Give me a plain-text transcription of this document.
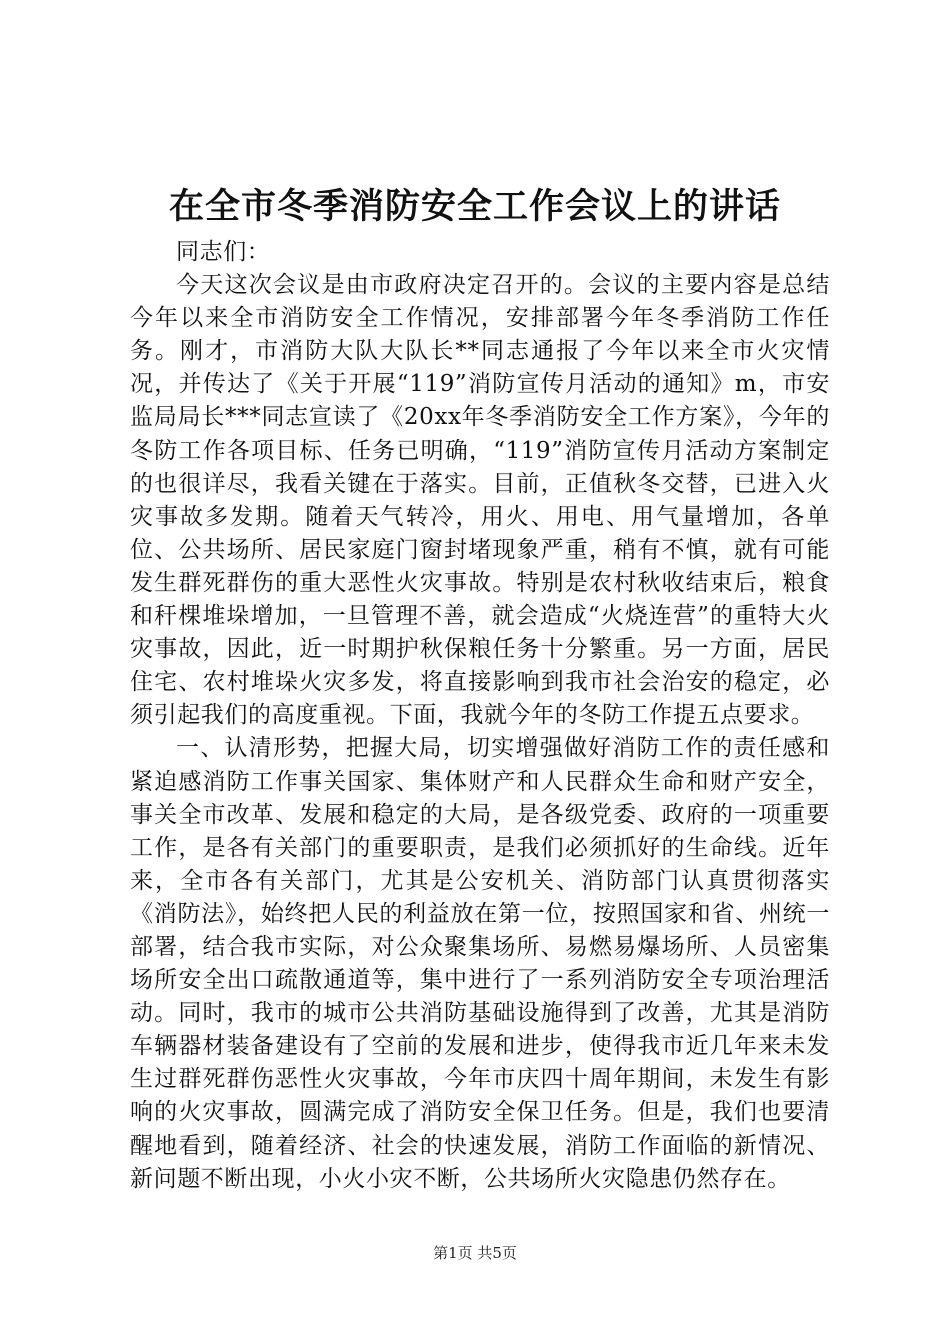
在全市冬季消防安全工作会议上的讲话

同志们：

今天这次会议是由市政府决定召开的。会议的主要内容是总结今年以来全市消防安全工作情况，安排部署今年冬季消防工作任务。刚才，市消防大队大队长**同志通报了今年以来全市火灾情况，并传达了《关于开展“119”消防宣传月活动的通知》m，市安监局局长***同志宣读了《20xx年冬季消防安全工作方案》，今年的冬防工作各项目标、任务已明确，“119”消防宣传月活动方案制定的也很详尽，我看关键在于落实。目前，正值秋冬交替，已进入火灾事故多发期。随着天气转冷，用火、用电、用气量增加，各单位、公共场所、居民家庭门窗封堵现象严重，稍有不慎，就有可能发生群死群伤的重大恶性火灾事故。特别是农村秋收结束后，粮食和秆棵堆垛增加，一旦管理不善，就会造成“火烧连营”的重特大火灾事故，因此，近一时期护秋保粮任务十分繁重。另一方面，居民住宅、农村堆垛火灾多发，将直接影响到我市社会治安的稳定，必须引起我们的高度重视。下面，我就今年的冬防工作提五点要求。

一、认清形势，把握大局，切实增强做好消防工作的责任感和紧迫感消防工作事关国家、集体财产和人民群众生命和财产安全，事关全市改革、发展和稳定的大局，是各级党委、政府的一项重要工作，是各有关部门的重要职责，是我们必须抓好的生命线。近年来，全市各有关部门，尤其是公安机关、消防部门认真贯彻落实《消防法》，始终把人民的利益放在第一位，按照国家和省、州统一部署，结合我市实际，对公众聚集场所、易燃易爆场所、人员密集场所安全出口疏散通道等，集中进行了一系列消防安全专项治理活动。同时，我市的城市公共消防基础设施得到了改善，尤其是消防车辆器材装备建设有了空前的发展和进步，使得我市近几年来未发生过群死群伤恶性火灾事故，今年市庆四十周年期间，未发生有影响的火灾事故，圆满完成了消防安全保卫任务。但是，我们也要清醒地看到，随着经济、社会的快速发展，消防工作面临的新情况、新问题不断出现，小火小灾不断，公共场所火灾隐患仍然存在。

第1页 共5页
